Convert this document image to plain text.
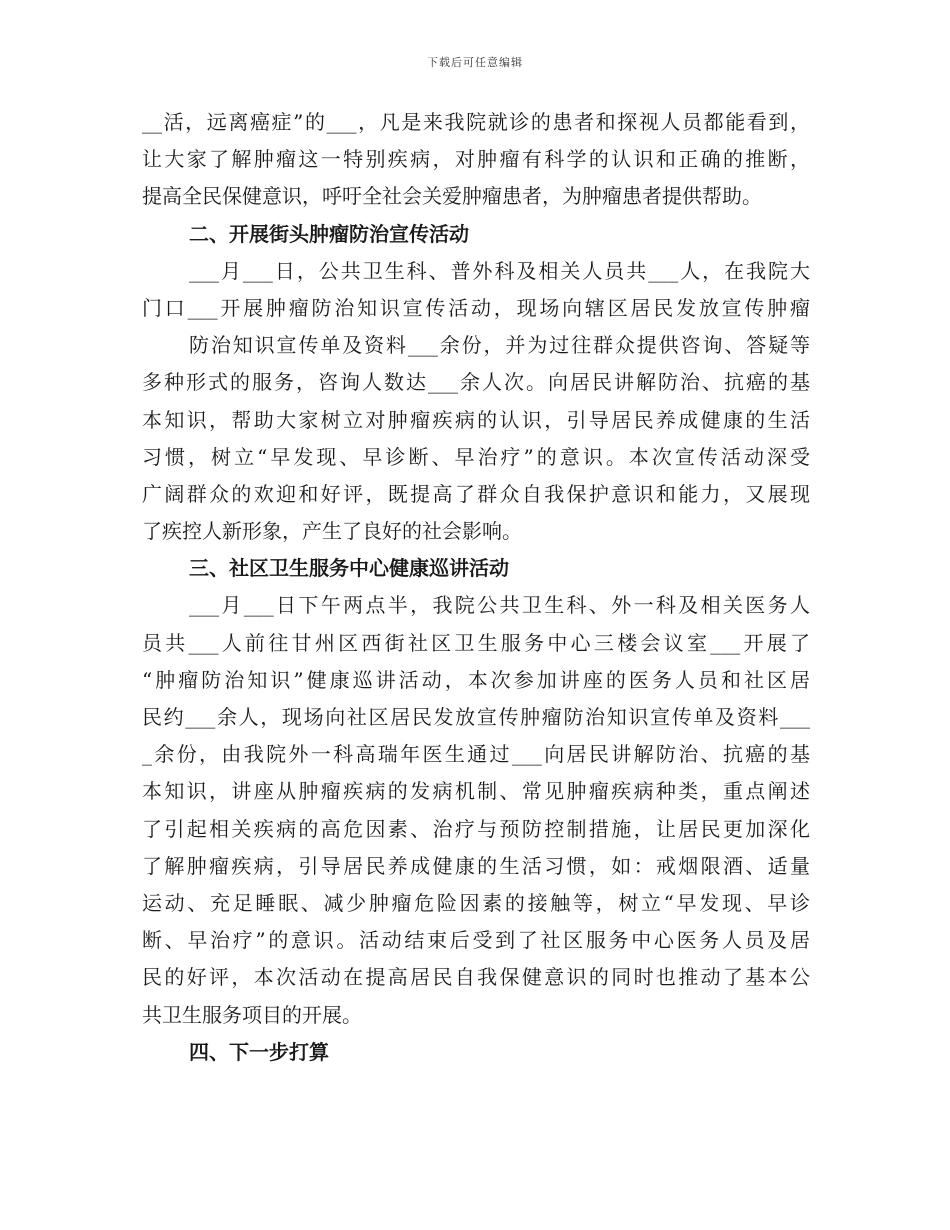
下载后可任意编辑
__活，远离癌症”的___，凡是来我院就诊的患者和探视人员都能看到，
让大家了解肿瘤这一特别疾病，对肿瘤有科学的认识和正确的推断，
提高全民保健意识，呼吁全社会关爱肿瘤患者，为肿瘤患者提供帮助。
二、开展街头肿瘤防治宣传活动
___月___日，公共卫生科、普外科及相关人员共___人，在我院大
门口___开展肿瘤防治知识宣传活动，现场向辖区居民发放宣传肿瘤
防治知识宣传单及资料___余份，并为过往群众提供咨询、答疑等
多种形式的服务，咨询人数达___余人次。向居民讲解防治、抗癌的基
本知识，帮助大家树立对肿瘤疾病的认识，引导居民养成健康的生活
习惯，树立“早发现、早诊断、早治疗”的意识。本次宣传活动深受
广阔群众的欢迎和好评，既提高了群众自我保护意识和能力，又展现
了疾控人新形象，产生了良好的社会影响。
三、社区卫生服务中心健康巡讲活动
___月___日下午两点半，我院公共卫生科、外一科及相关医务人
员共___人前往甘州区西街社区卫生服务中心三楼会议室___开展了
“肿瘤防治知识”健康巡讲活动，本次参加讲座的医务人员和社区居
民约___余人，现场向社区居民发放宣传肿瘤防治知识宣传单及资料___
_余份，由我院外一科高瑞年医生通过___向居民讲解防治、抗癌的基
本知识，讲座从肿瘤疾病的发病机制、常见肿瘤疾病种类，重点阐述
了引起相关疾病的高危因素、治疗与预防控制措施，让居民更加深化
了解肿瘤疾病，引导居民养成健康的生活习惯，如：戒烟限酒、适量
运动、充足睡眠、减少肿瘤危险因素的接触等，树立“早发现、早诊
断、早治疗”的意识。活动结束后受到了社区服务中心医务人员及居
民的好评，本次活动在提高居民自我保健意识的同时也推动了基本公
共卫生服务项目的开展。
四、下一步打算
